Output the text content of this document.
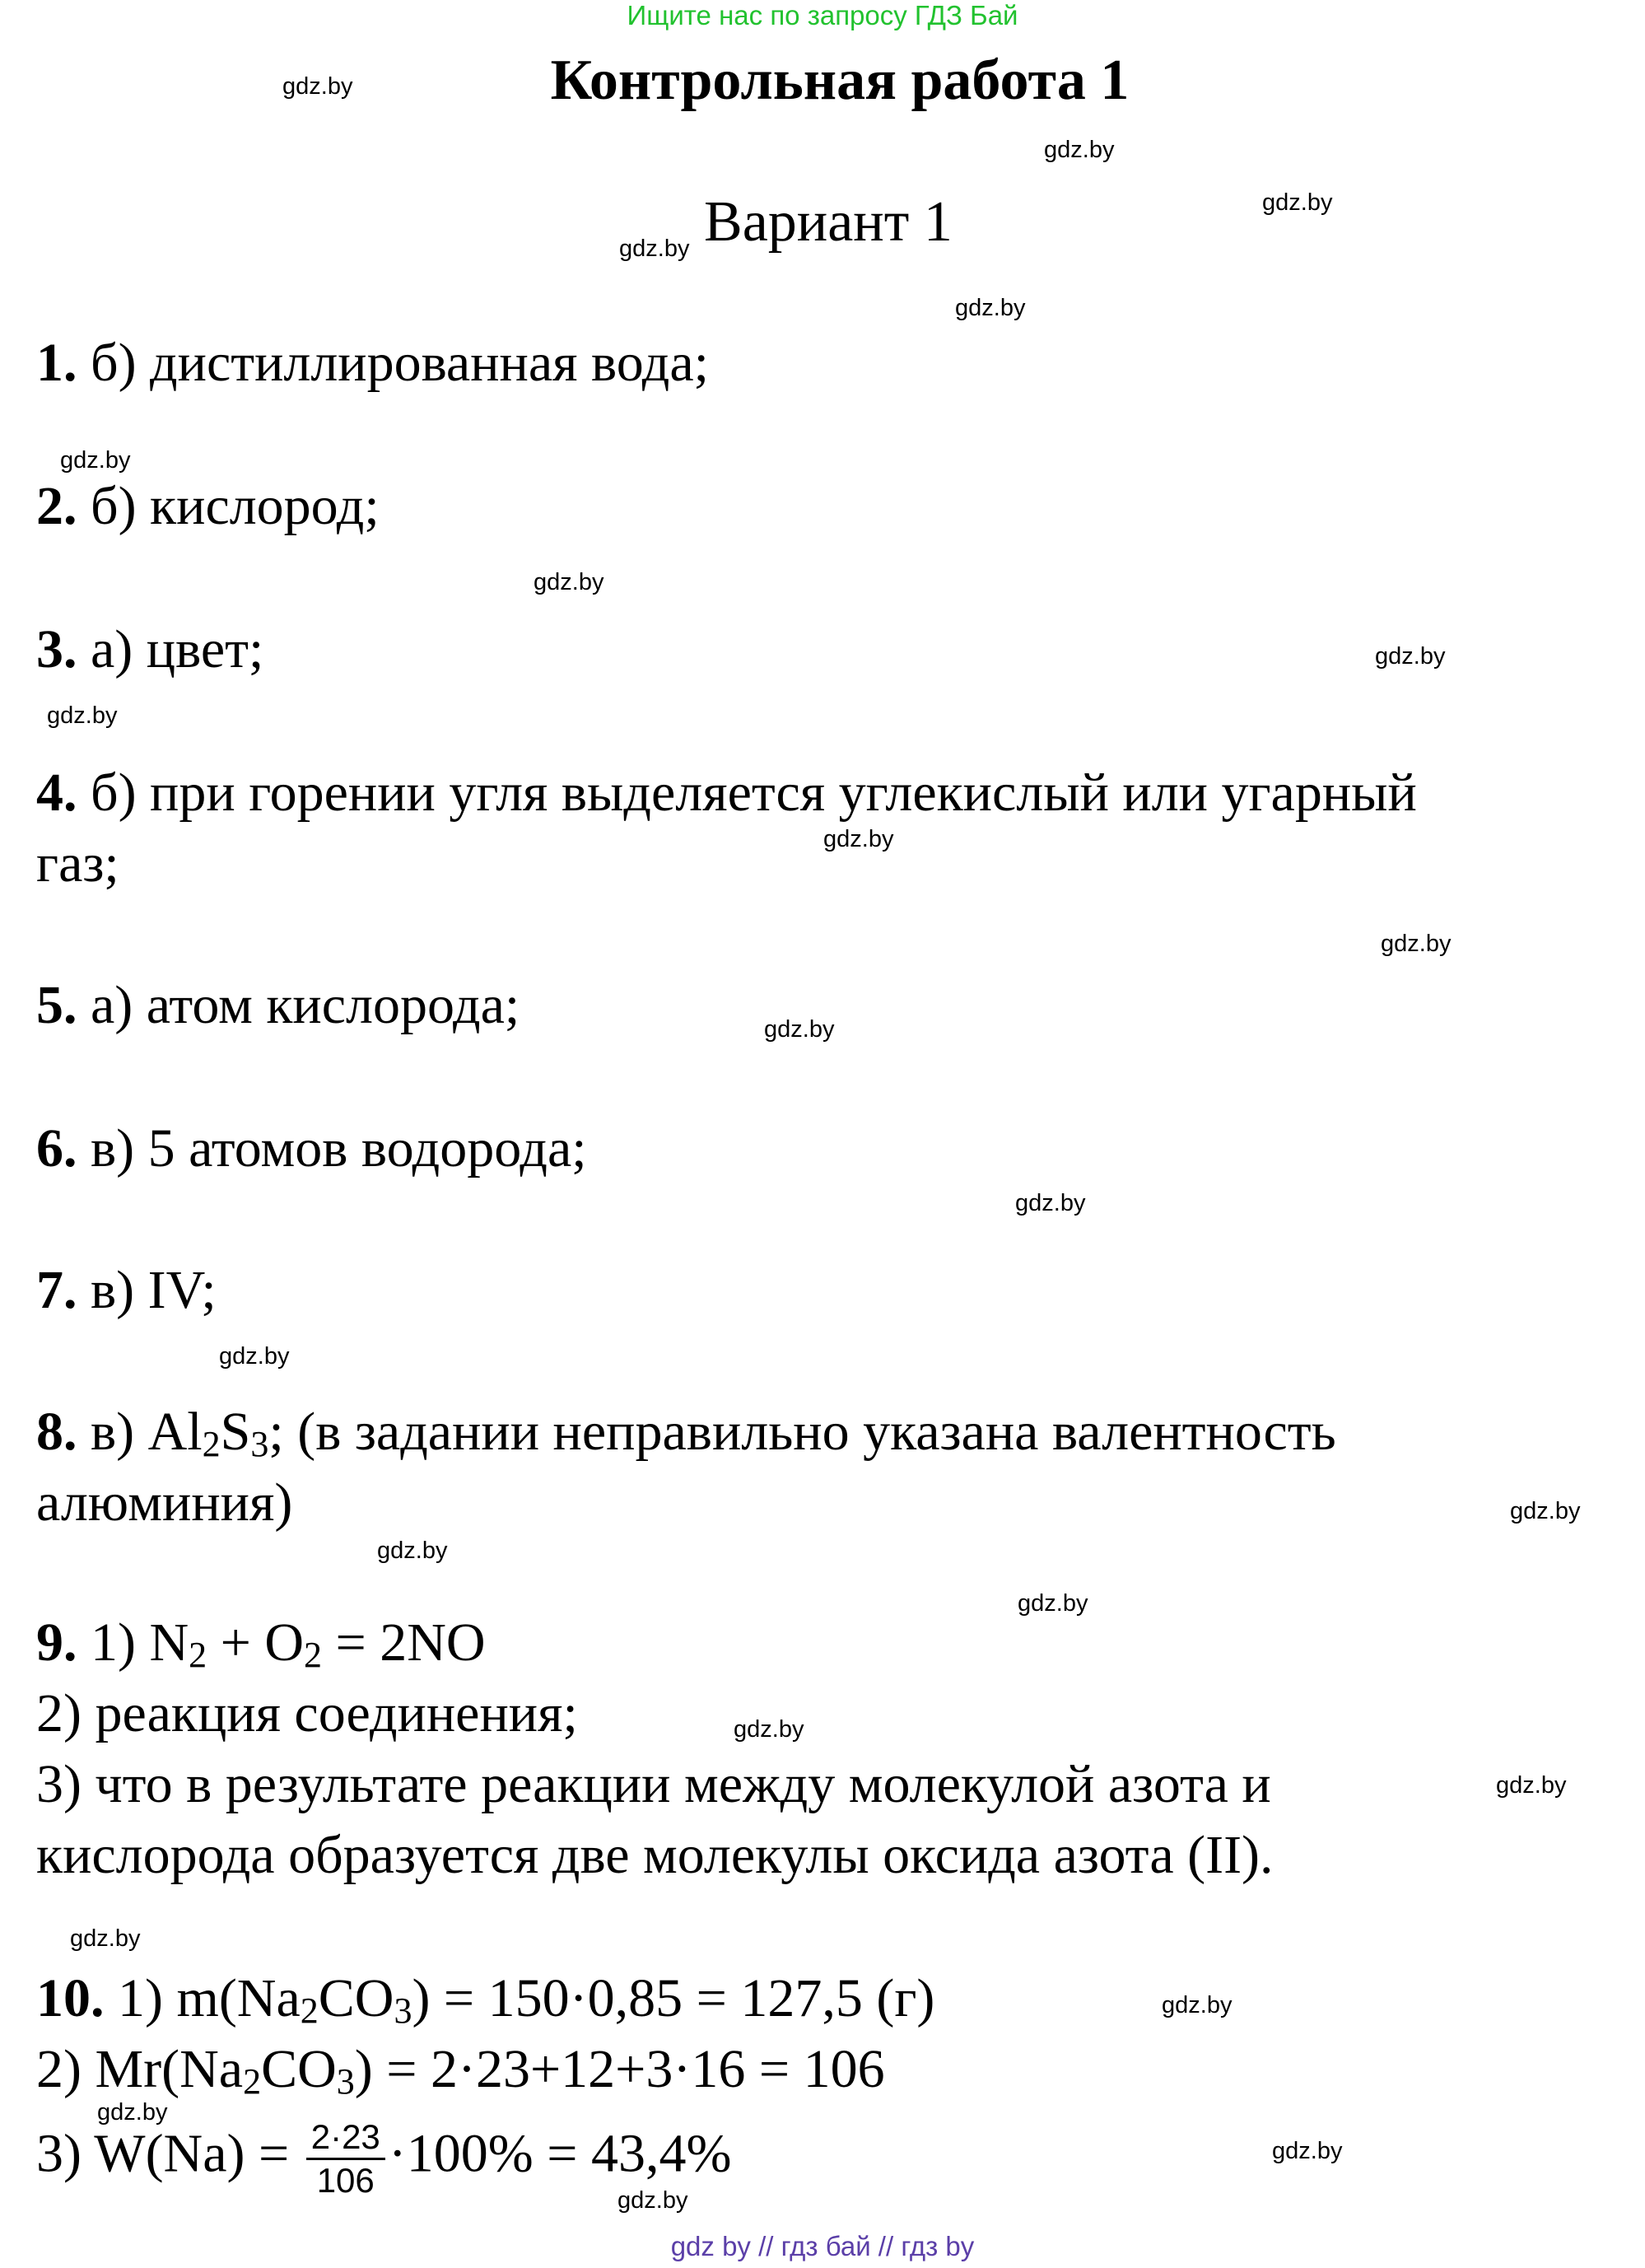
Ищите нас по запросу ГДЗ Бай
Контрольная работа 1
Вариант 1
gdz.by
gdz.by
gdz.by
gdz.by
gdz.by
gdz.by
gdz.by
gdz.by
gdz.by
gdz.by
gdz.by
gdz.by
gdz.by
gdz.by
gdz.by
gdz.by
gdz.by
gdz.by
gdz.by
gdz.by
gdz.by
gdz.by
gdz.by
gdz.by
1. б) дистиллированная вода;
2. б) кислород;
3. а) цвет;
4. б) при горении угля выделяется углекислый или угарный
газ;
5. а) атом кислорода;
6. в) 5 атомов водорода;
7. в) IV;
8. в) $Al_2S_3$; (в задании неправильно указана валентность
алюминия)
9. 1) $N_2 + O_2 = 2NO$
2) реакция соединения;
3) что в результате реакции между молекулой азота и
кислорода образуется две молекулы оксида азота (II).
10. 1) $m(Na_2CO_3) = 150\cdot 0,85 = 127,5$ (г)
2) $Mr(Na_2CO_3) = 2\cdot 23+12+3\cdot 16 = 106$
3) $W(Na) = \frac{2\cdot 23}{106} \cdot 100\% = 43,4\%$
gdz by // гдз бай // гдз by
